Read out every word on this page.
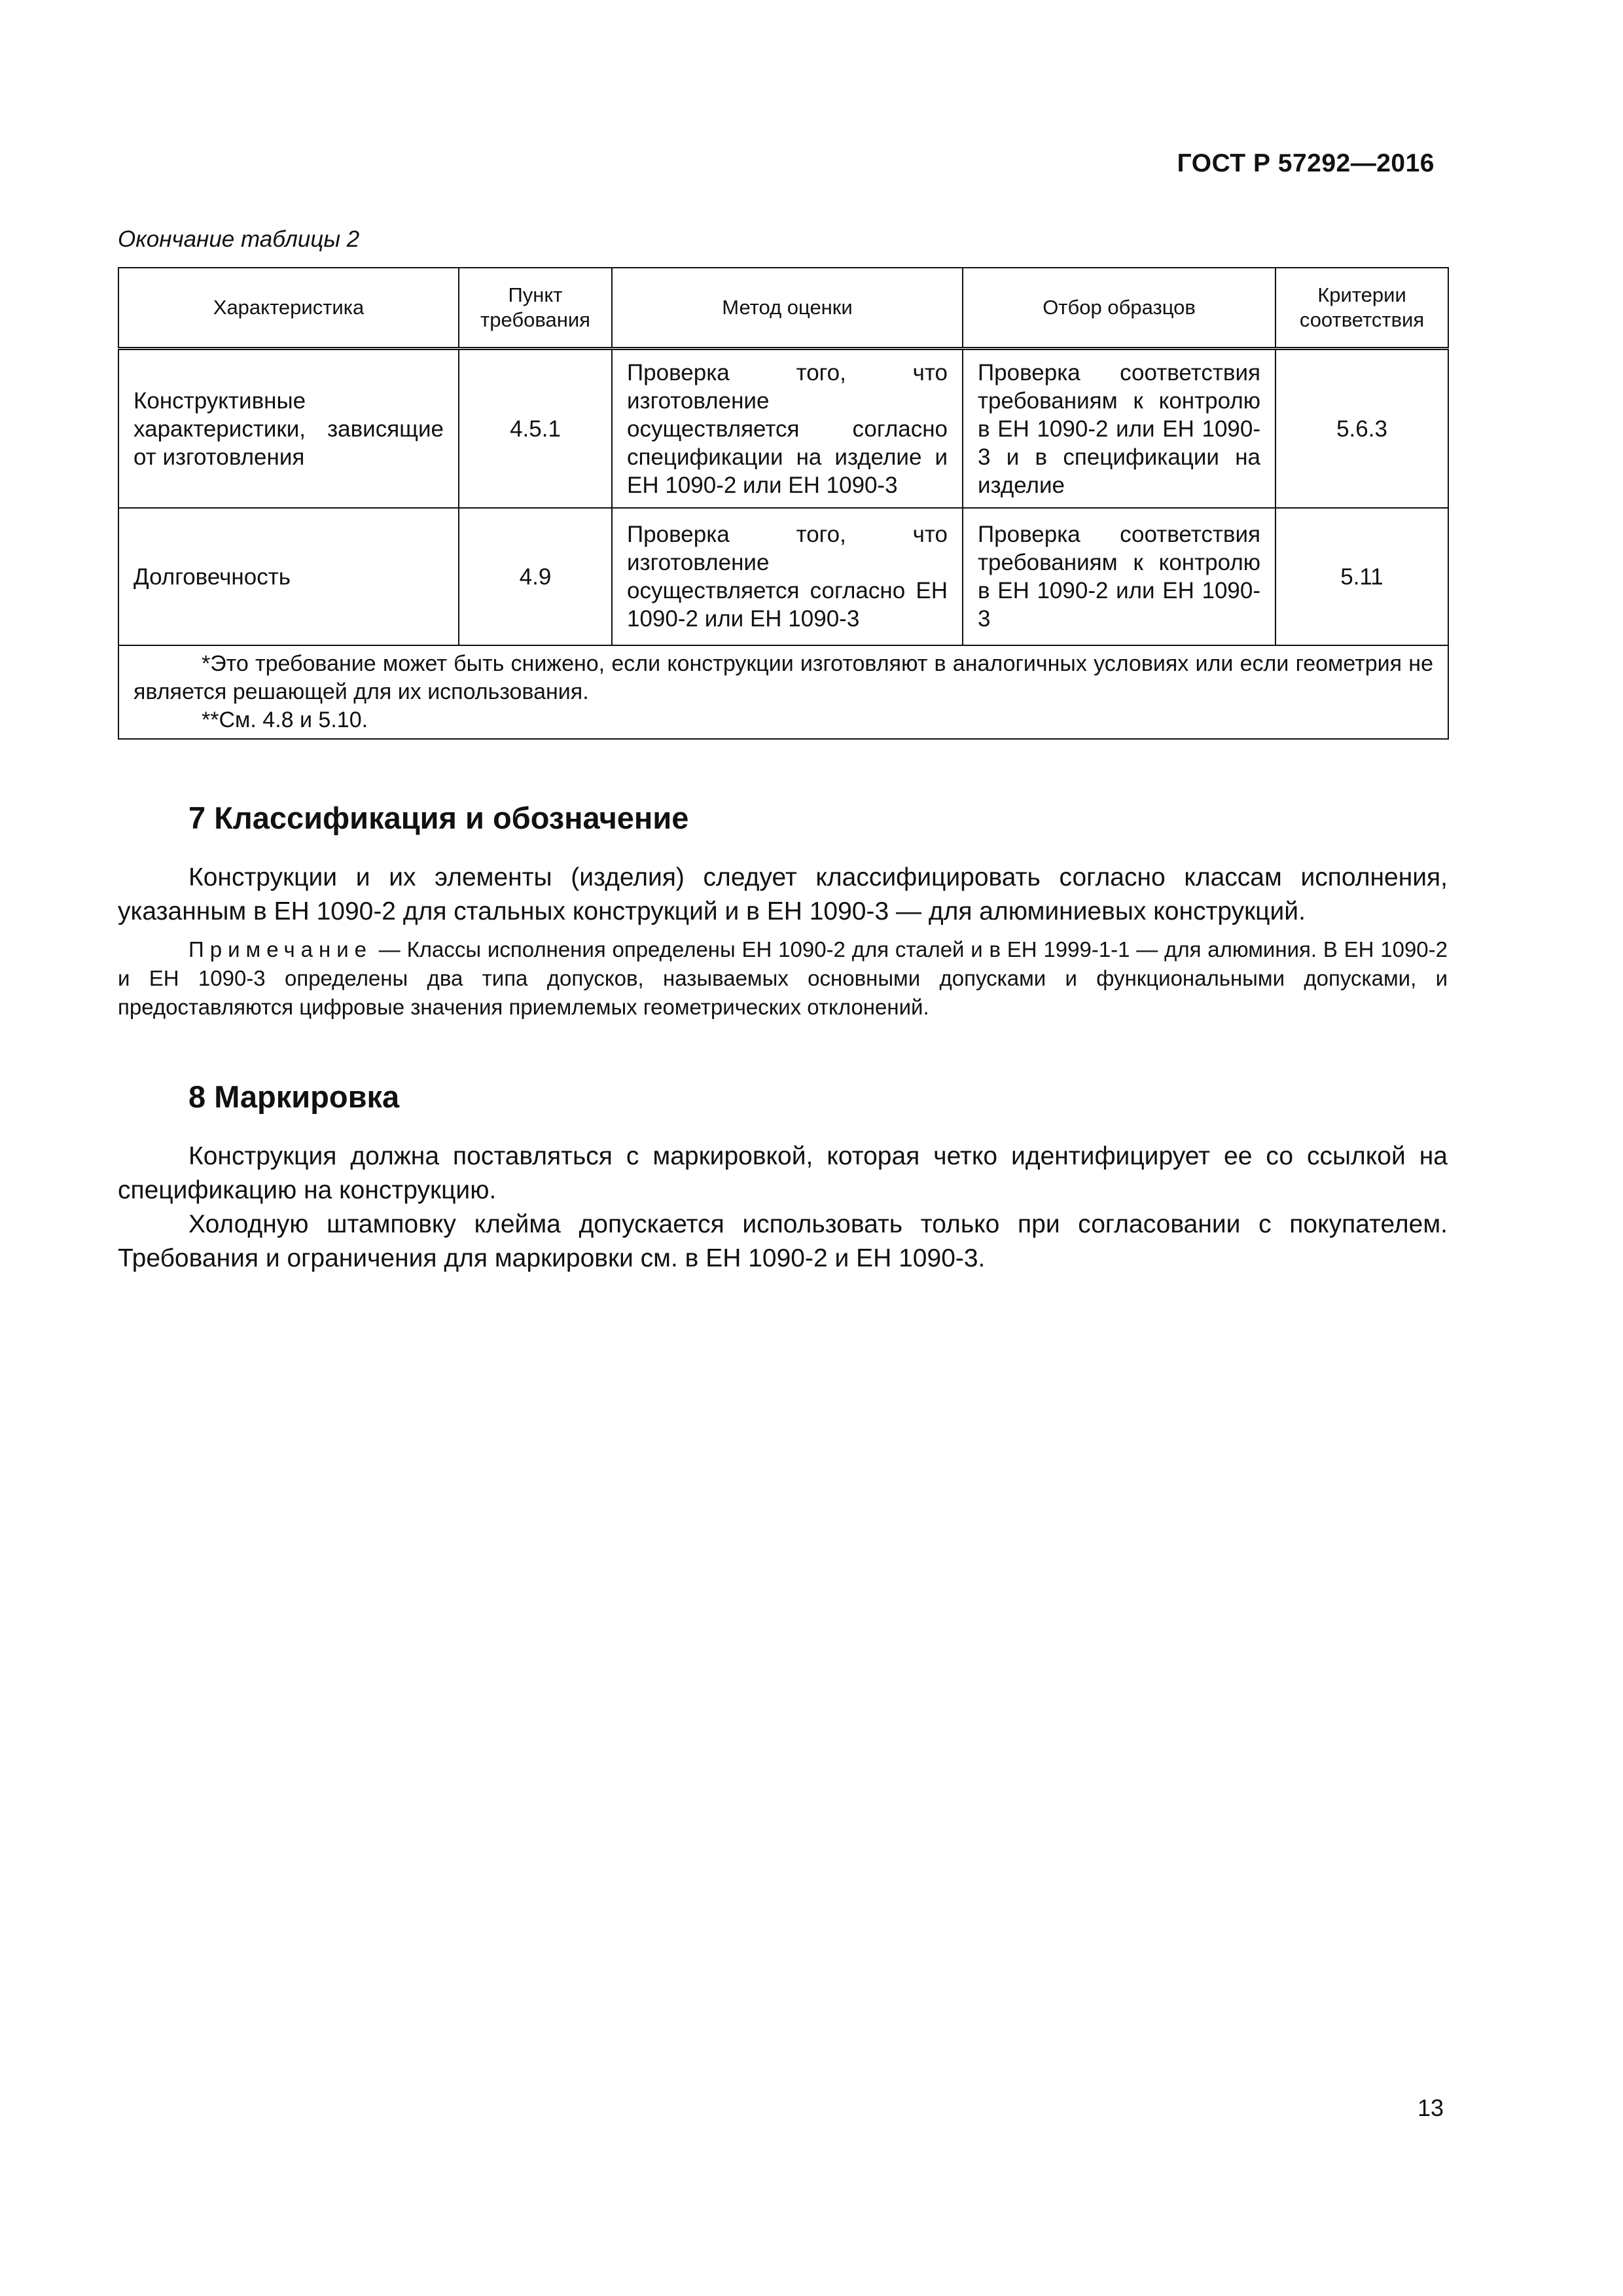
ГОСТ Р 57292—2016
Окончание таблицы 2
Характеристика	Пункт требования	Метод оценки	Отбор образцов	Критерии соответствия
Конструктивные характеристики, зависящие от изготовления	4.5.1	Проверка того, что изготовление осуществляется согласно спецификации на изделие и ЕН 1090-2 или ЕН 1090-3	Проверка соответствия требованиям к контролю в ЕН 1090-2 или ЕН 1090-3 и в спецификации на изделие	5.6.3
Долговечность	4.9	Проверка того, что изготовление осуществляется согласно ЕН 1090-2 или ЕН 1090-3	Проверка соответствия требованиям к контролю в ЕН 1090-2 или ЕН 1090-3	5.11

*Это требование может быть снижено, если конструкции изготовляют в аналогичных условиях или если геометрия не является решающей для их использования.

**См. 4.8 и 5.10.				

7 Классификация и обозначение

Конструкции и их элементы (изделия) следует классифицировать согласно классам исполнения, указанным в ЕН 1090-2 для стальных конструкций и в ЕН 1090-3 — для алюминиевых конструкций.

Примечание — Классы исполнения определены ЕН 1090-2 для сталей и в ЕН 1999-1-1 — для алюминия. В ЕН 1090-2 и ЕН 1090-3 определены два типа допусков, называемых основными допусками и функциональными допусками, и предоставляются цифровые значения приемлемых геометрических отклонений.

8 Маркировка

Конструкция должна поставляться с маркировкой, которая четко идентифицирует ее со ссылкой на спецификацию на конструкцию.

Холодную штамповку клейма допускается использовать только при согласовании с покупателем. Требования и ограничения для маркировки см. в ЕН 1090-2 и ЕН 1090-3.

13
